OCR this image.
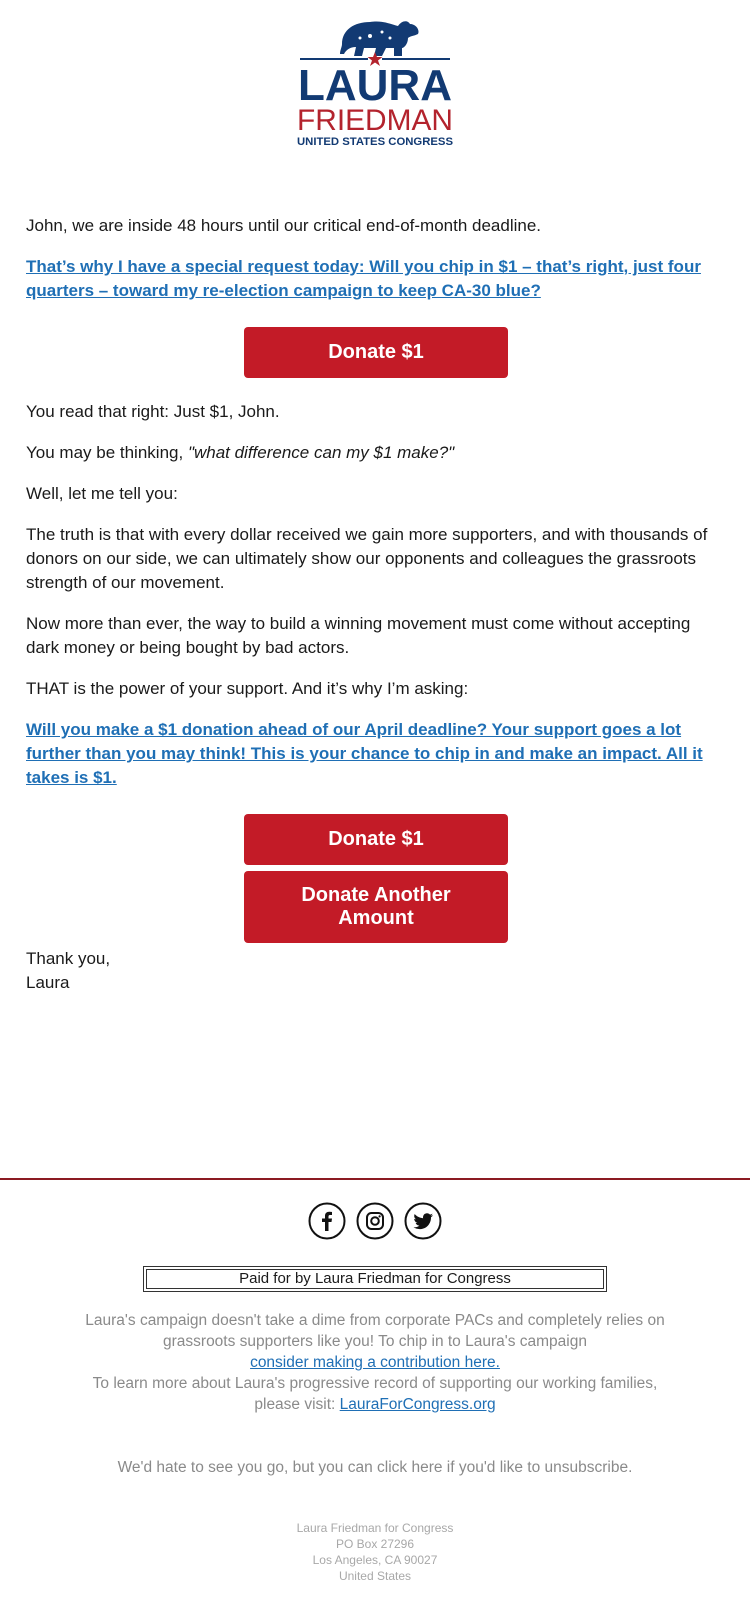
LAURA
FRIEDMAN
UNITED STATES CONGRESS

John, we are inside 48 hours until our critical end-of-month deadline.

That’s why I have a special request today: Will you chip in $1 – that’s right, just four quarters – toward my re-election campaign to keep CA-30 blue?

Donate $1

You read that right: Just $1, John.

You may be thinking, "what difference can my $1 make?"

Well, let me tell you:

The truth is that with every dollar received we gain more supporters, and with thousands of donors on our side, we can ultimately show our opponents and colleagues the grassroots strength of our movement.

Now more than ever, the way to build a winning movement must come without accepting dark money or being bought by bad actors.

THAT is the power of your support. And it’s why I’m asking:

Will you make a $1 donation ahead of our April deadline? Your support goes a lot further than you may think! This is your chance to chip in and make an impact. All it takes is $1.

Donate $1
Donate Another
Amount

Thank you,

Laura

Paid for by Laura Friedman for Congress
Laura's campaign doesn't take a dime from corporate PACs and completely relies on grassroots supporters like you! To chip in to Laura's campaign
consider making a contribution here.
To learn more about Laura's progressive record of supporting our working families, please visit: LauraForCongress.org
We'd hate to see you go, but you can click here if you'd like to unsubscribe.
Laura Friedman for Congress
PO Box 27296
Los Angeles, CA 90027
United States
